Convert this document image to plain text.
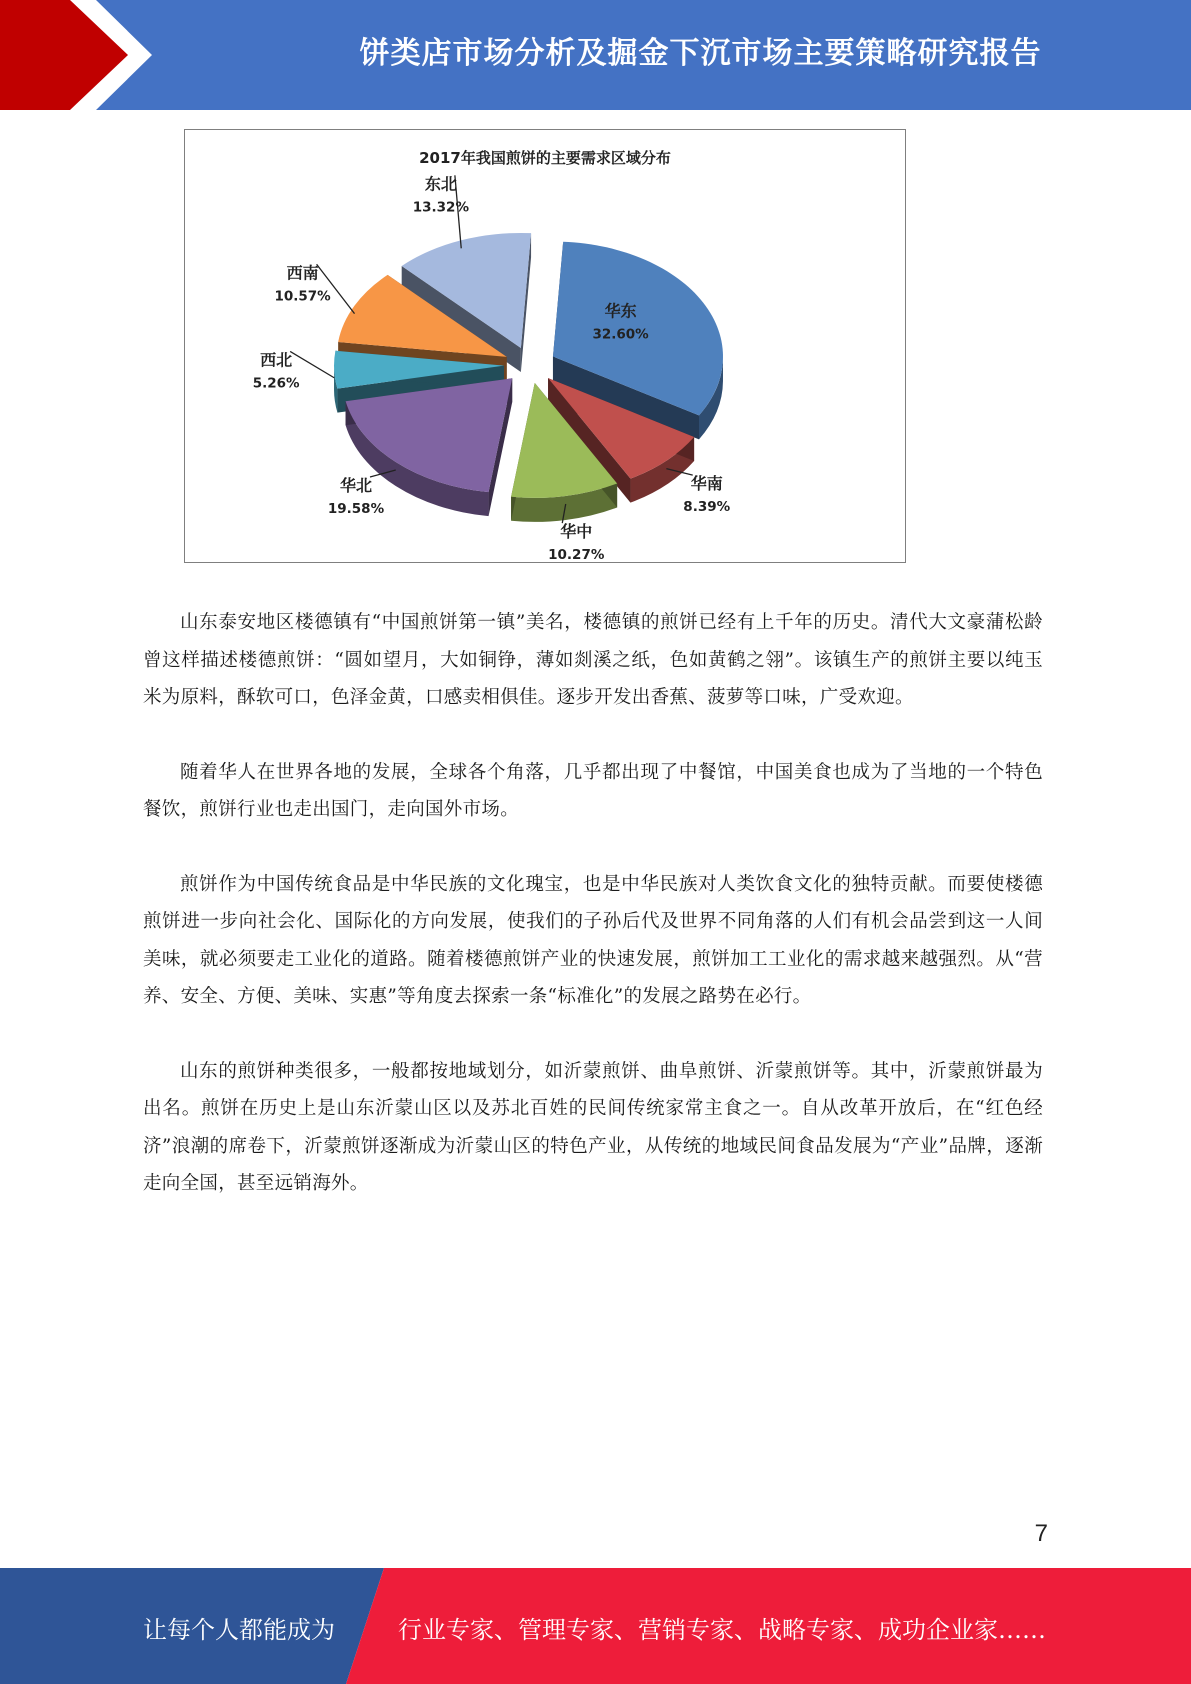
饼类店市场分析及掘金下沉市场主要策略研究报告
2017年我国煎饼的主要需求区域分布
华东
32.60%
华南
8.39%
华中
10.27%
华北
19.58%
西北
5.26%
西南
10.57%
东北
13.32%

山东泰安地区楼德镇有“中国煎饼第一镇”美名，楼德镇的煎饼已经有上千年的历史。清代大文豪蒲松龄曾这样描述楼德煎饼：“圆如望月，大如铜铮，薄如剡溪之纸，色如黄鹤之翎”。该镇生产的煎饼主要以纯玉米为原料，酥软可口，色泽金黄，口感卖相俱佳。逐步开发出香蕉、菠萝等口味，广受欢迎。

随着华人在世界各地的发展，全球各个角落，几乎都出现了中餐馆，中国美食也成为了当地的一个特色餐饮，煎饼行业也走出国门，走向国外市场。

煎饼作为中国传统食品是中华民族的文化瑰宝，也是中华民族对人类饮食文化的独特贡献。而要使楼德煎饼进一步向社会化、国际化的方向发展，使我们的子孙后代及世界不同角落的人们有机会品尝到这一人间美味，就必须要走工业化的道路。随着楼德煎饼产业的快速发展，煎饼加工工业化的需求越来越强烈。从“营养、安全、方便、美味、实惠”等角度去探索一条“标准化”的发展之路势在必行。

山东的煎饼种类很多，一般都按地域划分，如沂蒙煎饼、曲阜煎饼、沂蒙煎饼等。其中，沂蒙煎饼最为出名。煎饼在历史上是山东沂蒙山区以及苏北百姓的民间传统家常主食之一。自从改革开放后，在“红色经济”浪潮的席卷下，沂蒙煎饼逐渐成为沂蒙山区的特色产业，从传统的地域民间食品发展为“产业”品牌，逐渐走向全国，甚至远销海外。

7
让每个人都能成为	行业专家、管理专家、营销专家、战略专家、成功企业家……
